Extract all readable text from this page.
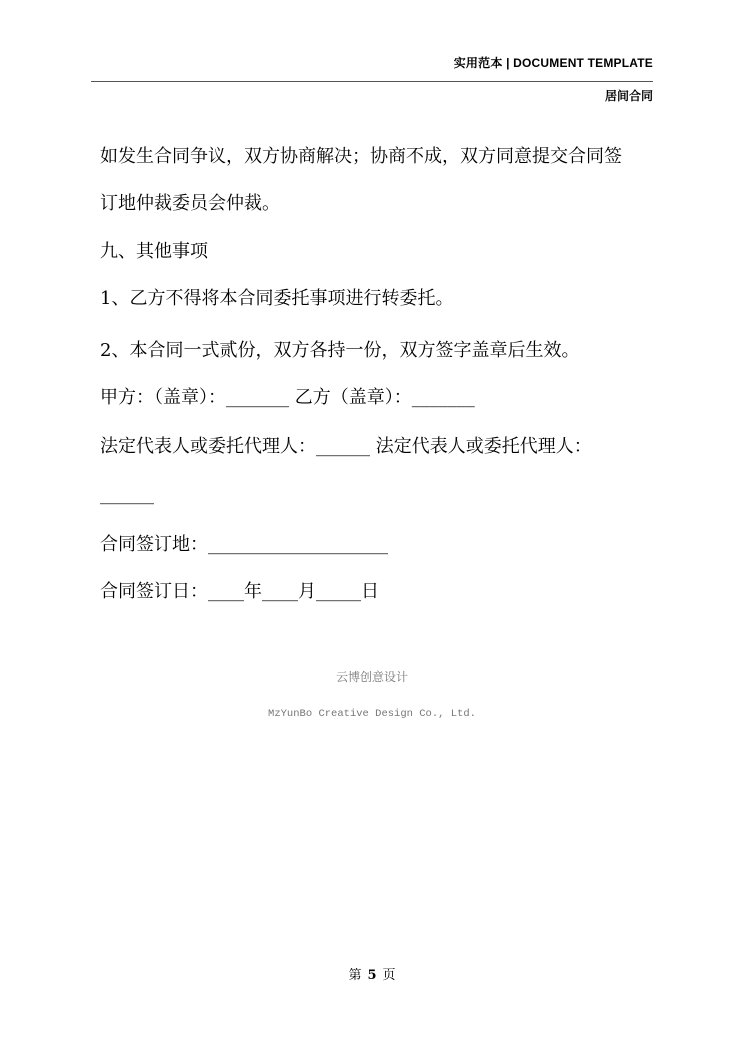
实用范本 | DOCUMENT TEMPLATE
居间合同
如发生合同争议，双方协商解决；协商不成，双方同意提交合同签
订地仲裁委员会仲裁。
九、其他事项
1、乙方不得将本合同委托事项进行转委托。
2、本合同一式贰份，双方各持一份，双方签字盖章后生效。
甲方：（盖章）：_______ 乙方（盖章）：_______
法定代表人或委托代理人：______ 法定代表人或委托代理人：
______
合同签订地：____________________
合同签订日：____年____月_____日
云博创意设计
MzYunBo Creative Design Co., Ltd.
第 5 页
